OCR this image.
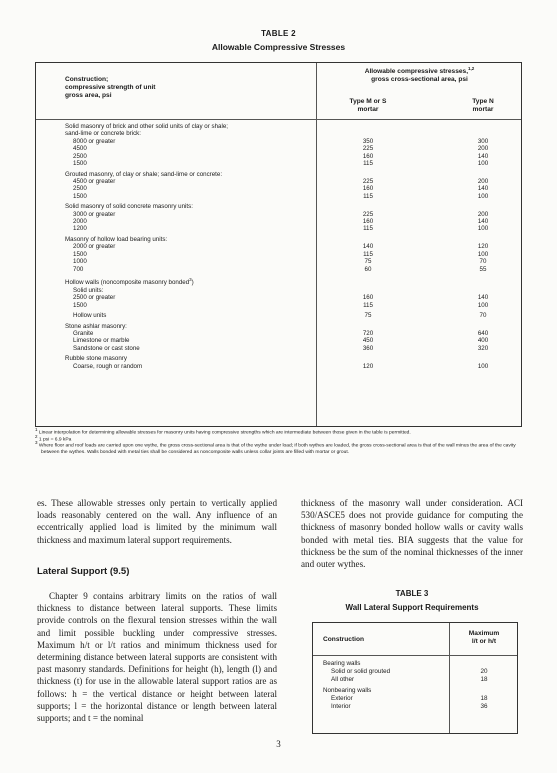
TABLE 2
Allowable Compressive Stresses
Construction;
compressive strength of unit
gross area, psi
Allowable compressive stresses,$^{1,2}$
gross cross-sectional area, psi
Type M or S
mortar
Type N
mortar
Solid masonry of brick and other solid units of clay or shale;
sand-lime or concrete brick:
8000 or greater	350	300
4500	225	200
2500	160	140
1500	115	100
Grouted masonry, of clay or shale; sand-lime or concrete:
4500 or greater	225	200
2500	160	140
1500	115	100
Solid masonry of solid concrete masonry units:
3000 or greater	225	200
2000	160	140
1200	115	100
Masonry of hollow load bearing units:
2000 or greater	140	120
1500	115	100
1000	75	70
700	60	55
Hollow walls (noncomposite masonry bonded$^3$)
Solid units:
2500 or greater	160	140
1500	115	100
Hollow units	75	70
Stone ashlar masonry:
Granite	720	640
Limestone or marble	450	400
Sandstone or cast stone	360	320
Rubble stone masonry
Coarse, rough or random	120	100

1 Linear interpolation for determining allowable stresses for masonry units having compressive strengths which are intermediate between those given in the table is permitted.

2 1 psi = 6.9 kPa

3 Where floor and roof loads are carried upon one wythe, the gross cross-sectional area is that of the wythe under load; if both wythes are loaded, the gross cross-sectional area is that of the wall minus the area of the cavity between the wythes. Walls bonded with metal ties shall be considered as noncomposite walls unless collar joints are filled with mortar or grout.

es. These allowable stresses only pertain to vertically applied loads reasonably centered on the wall. Any influence of an eccentrically applied load is limited by the minimum wall thickness and maximum lateral support requirements.

Lateral Support (9.5)

Chapter 9 contains arbitrary limits on the ratios of wall thickness to distance between lateral supports. These limits provide controls on the flexural tension stresses within the wall and limit possible buckling under compressive stresses. Maximum h/t or l/t ratios and minimum thickness used for determining distance between lateral supports are consistent with past masonry standards. Definitions for height (h), length (l) and thickness (t) for use in the allowable lateral support ratios are as follows: h = the vertical distance or height between lateral supports; l = the horizontal distance or length between lateral supports; and t = the nominal

thickness of the masonry wall under consideration. ACI 530/ASCE5 does not provide guidance for computing the thickness of masonry bonded hollow walls or cavity walls bonded with metal ties. BIA suggests that the value for thickness be the sum of the nominal thicknesses of the inner and outer wythes.

TABLE 3
Wall Lateral Support Requirements
Construction
Maximum
l/t or h/t
Bearing walls
Solid or solid grouted	20
All other	18
Nonbearing walls
Exterior	18
Interior	36
3
